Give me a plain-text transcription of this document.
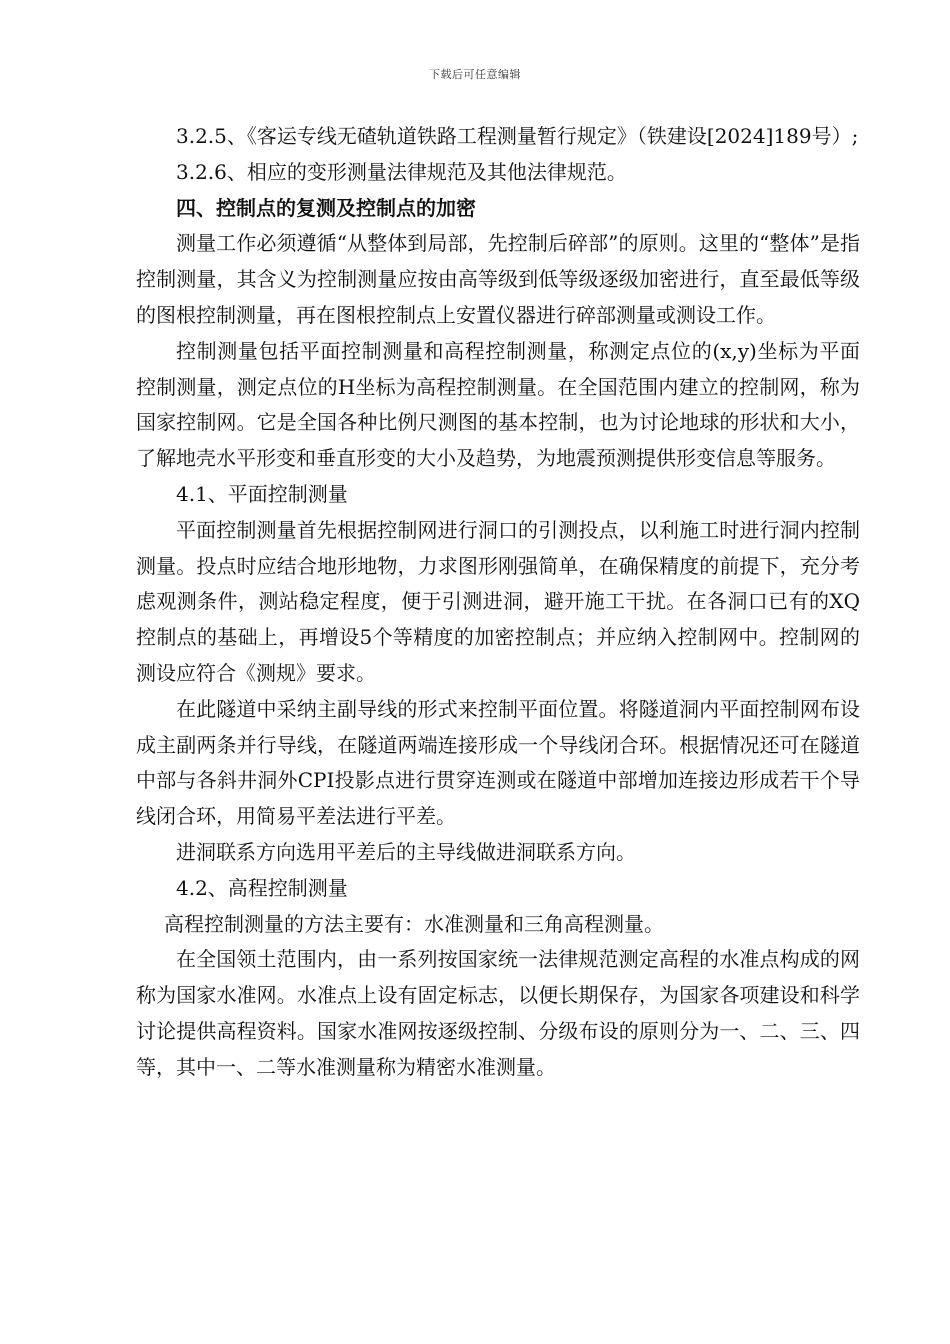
下载后可任意编辑

3.2.5、《客运专线无碴轨道铁路工程测量暂行规定》（铁建设[2024]189号）;

3.2.6、相应的变形测量法律规范及其他法律规范。

四、控制点的复测及控制点的加密

测量工作必须遵循“从整体到局部，先控制后碎部”的原则。这里的“整体”是指控制测量，其含义为控制测量应按由高等级到低等级逐级加密进行，直至最低等级的图根控制测量，再在图根控制点上安置仪器进行碎部测量或测设工作。

控制测量包括平面控制测量和高程控制测量，称测定点位的(x,y)坐标为平面控制测量，测定点位的H坐标为高程控制测量。在全国范围内建立的控制网，称为国家控制网。它是全国各种比例尺测图的基本控制，也为讨论地球的形状和大小，了解地壳水平形变和垂直形变的大小及趋势，为地震预测提供形变信息等服务。

4.1、平面控制测量

平面控制测量首先根据控制网进行洞口的引测投点，以利施工时进行洞内控制测量。投点时应结合地形地物，力求图形刚强简单，在确保精度的前提下，充分考虑观测条件，测站稳定程度，便于引测进洞，避开施工干扰。在各洞口已有的XQ控制点的基础上，再增设5个等精度的加密控制点；并应纳入控制网中。控制网的测设应符合《测规》要求。

在此隧道中采纳主副导线的形式来控制平面位置。将隧道洞内平面控制网布设成主副两条并行导线，在隧道两端连接形成一个导线闭合环。根据情况还可在隧道中部与各斜井洞外CPI投影点进行贯穿连测或在隧道中部增加连接边形成若干个导线闭合环，用简易平差法进行平差。

进洞联系方向选用平差后的主导线做进洞联系方向。

4.2、高程控制测量

高程控制测量的方法主要有：水准测量和三角高程测量。

在全国领土范围内，由一系列按国家统一法律规范测定高程的水准点构成的网称为国家水准网。水准点上设有固定标志，以便长期保存，为国家各项建设和科学讨论提供高程资料。国家水准网按逐级控制、分级布设的原则分为一、二、三、四等，其中一、二等水准测量称为精密水准测量。
